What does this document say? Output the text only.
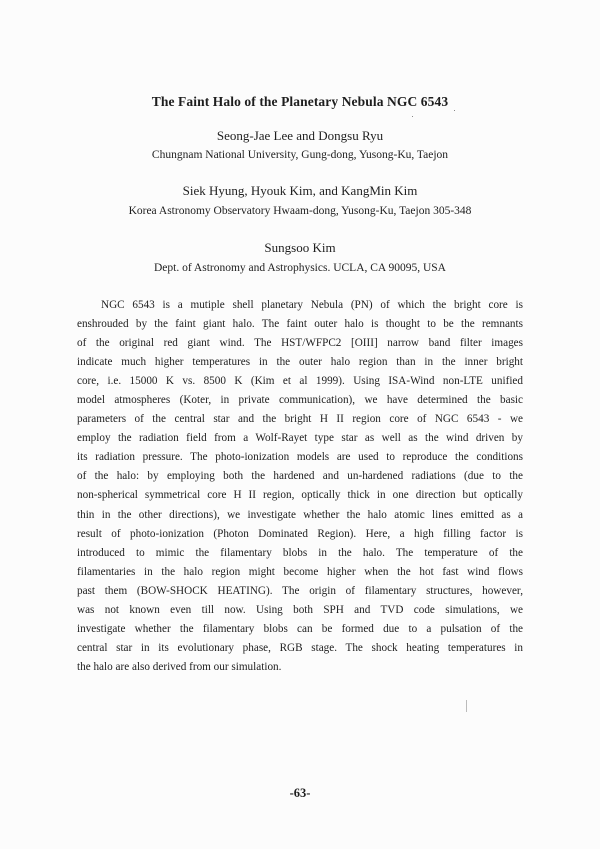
The Faint Halo of the Planetary Nebula NGC 6543
Seong-Jae Lee and Dongsu Ryu
Chungnam National University, Gung-dong, Yusong-Ku, Taejon
Siek Hyung, Hyouk Kim, and KangMin Kim
Korea Astronomy Observatory Hwaam-dong, Yusong-Ku, Taejon 305-348
Sungsoo Kim
Dept. of Astronomy and Astrophysics. UCLA, CA 90095, USA
NGC 6543 is a mutiple shell planetary Nebula (PN) of which the bright core is
enshrouded by the faint giant halo. The faint outer halo is thought to be the remnants
of the original red giant wind. The HST/WFPC2 [OIII] narrow band filter images
indicate much higher temperatures in the outer halo region than in the inner bright
core, i.e. 15000 K vs. 8500 K (Kim et al 1999). Using ISA-Wind non-LTE unified
model atmospheres (Koter, in private communication), we have determined the basic
parameters of the central star and the bright H II region core of NGC 6543 - we
employ the radiation field from a Wolf-Rayet type star as well as the wind driven by
its radiation pressure. The photo-ionization models are used to reproduce the conditions
of the halo: by employing both the hardened and un-hardened radiations (due to the
non-spherical symmetrical core H II region, optically thick in one direction but optically
thin in the other directions), we investigate whether the halo atomic lines emitted as a
result of photo-ionization (Photon Dominated Region). Here, a high filling factor is
introduced to mimic the filamentary blobs in the halo. The temperature of the
filamentaries in the halo region might become higher when the hot fast wind flows
past them (BOW-SHOCK HEATING). The origin of filamentary structures, however,
was not known even till now. Using both SPH and TVD code simulations, we
investigate whether the filamentary blobs can be formed due to a pulsation of the
central star in its evolutionary phase, RGB stage. The shock heating temperatures in
the halo are also derived from our simulation.
-63-
